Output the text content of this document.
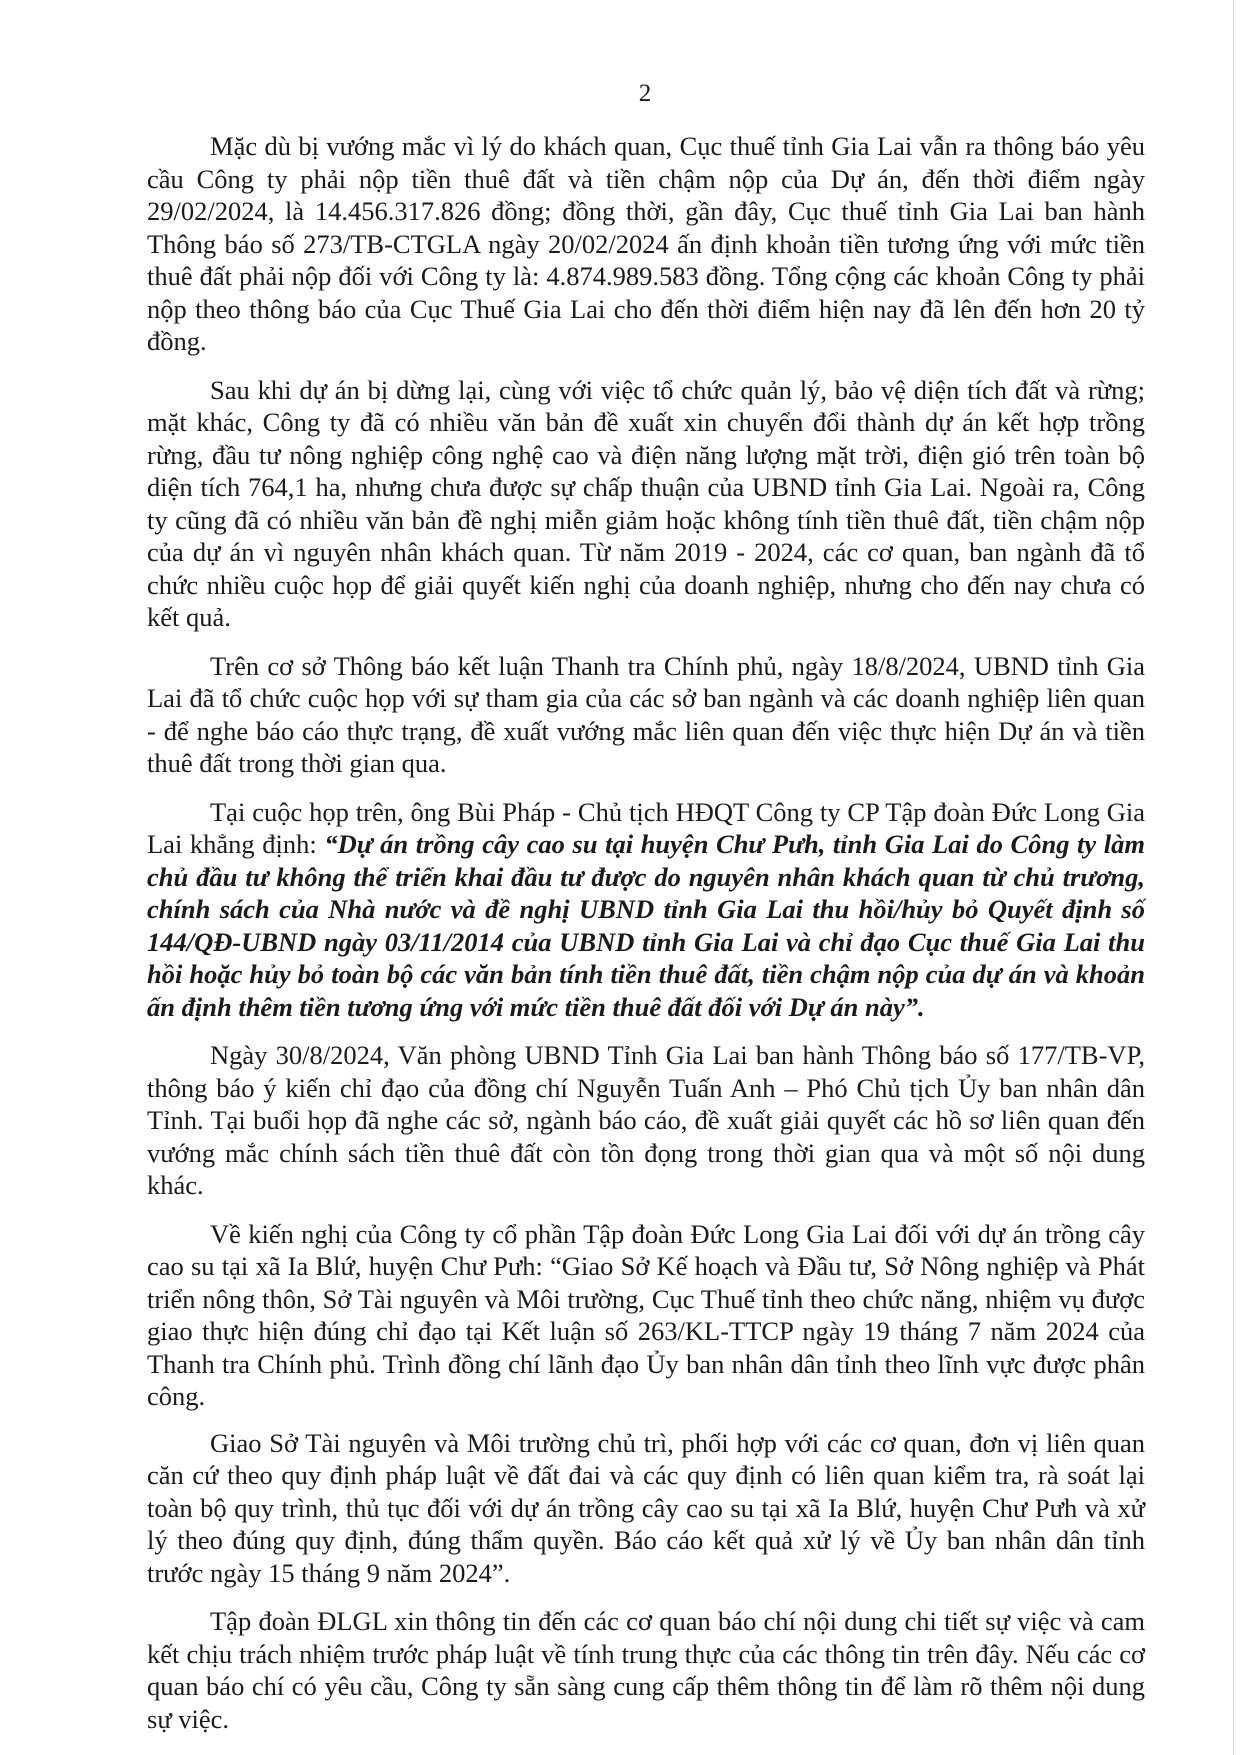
2

Mặc dù bị vướng mắc vì lý do khách quan, Cục thuế tỉnh Gia Lai vẫn ra thông báo yêu cầu Công ty phải nộp tiền thuê đất và tiền chậm nộp của Dự án, đến thời điểm ngày 29/02/2024, là 14.456.317.826 đồng; đồng thời, gần đây, Cục thuế tỉnh Gia Lai ban hành Thông báo số 273/TB-CTGLA ngày 20/02/2024 ấn định khoản tiền tương ứng với mức tiền thuê đất phải nộp đối với Công ty là: 4.874.989.583 đồng. Tổng cộng các khoản Công ty phải nộp theo thông báo của Cục Thuế Gia Lai cho đến thời điểm hiện nay đã lên đến hơn 20 tỷ đồng.

Sau khi dự án bị dừng lại, cùng với việc tổ chức quản lý, bảo vệ diện tích đất và rừng; mặt khác, Công ty đã có nhiều văn bản đề xuất xin chuyển đổi thành dự án kết hợp trồng rừng, đầu tư nông nghiệp công nghệ cao và điện năng lượng mặt trời, điện gió trên toàn bộ diện tích 764,1 ha, nhưng chưa được sự chấp thuận của UBND tỉnh Gia Lai. Ngoài ra, Công ty cũng đã có nhiều văn bản đề nghị miễn giảm hoặc không tính tiền thuê đất, tiền chậm nộp của dự án vì nguyên nhân khách quan. Từ năm 2019 - 2024, các cơ quan, ban ngành đã tổ chức nhiều cuộc họp để giải quyết kiến nghị của doanh nghiệp, nhưng cho đến nay chưa có kết quả.

Trên cơ sở Thông báo kết luận Thanh tra Chính phủ, ngày 18/8/2024, UBND tỉnh Gia Lai đã tổ chức cuộc họp với sự tham gia của các sở ban ngành và các doanh nghiệp liên quan - để nghe báo cáo thực trạng, đề xuất vướng mắc liên quan đến việc thực hiện Dự án và tiền thuê đất trong thời gian qua.

Tại cuộc họp trên, ông Bùi Pháp - Chủ tịch HĐQT Công ty CP Tập đoàn Đức Long Gia Lai khẳng định: “Dự án trồng cây cao su tại huyện Chư Pưh, tỉnh Gia Lai do Công ty làm chủ đầu tư không thể triển khai đầu tư được do nguyên nhân khách quan từ chủ trương, chính sách của Nhà nước và đề nghị UBND tỉnh Gia Lai thu hồi/hủy bỏ Quyết định số 144/QĐ-UBND ngày 03/11/2014 của UBND tỉnh Gia Lai và chỉ đạo Cục thuế Gia Lai thu hồi hoặc hủy bỏ toàn bộ các văn bản tính tiền thuê đất, tiền chậm nộp của dự án và khoản ấn định thêm tiền tương ứng với mức tiền thuê đất đối với Dự án này”.

Ngày 30/8/2024, Văn phòng UBND Tỉnh Gia Lai ban hành Thông báo số 177/TB-VP, thông báo ý kiến chỉ đạo của đồng chí Nguyễn Tuấn Anh – Phó Chủ tịch Ủy ban nhân dân Tỉnh. Tại buổi họp đã nghe các sở, ngành báo cáo, đề xuất giải quyết các hồ sơ liên quan đến vướng mắc chính sách tiền thuê đất còn tồn đọng trong thời gian qua và một số nội dung khác.

Về kiến nghị của Công ty cổ phần Tập đoàn Đức Long Gia Lai đối với dự án trồng cây cao su tại xã Ia Blứ, huyện Chư Pưh: “Giao Sở Kế hoạch và Đầu tư, Sở Nông nghiệp và Phát triển nông thôn, Sở Tài nguyên và Môi trường, Cục Thuế tỉnh theo chức năng, nhiệm vụ được giao thực hiện đúng chỉ đạo tại Kết luận số 263/KL-TTCP ngày 19 tháng 7 năm 2024 của Thanh tra Chính phủ. Trình đồng chí lãnh đạo Ủy ban nhân dân tỉnh theo lĩnh vực được phân công.

Giao Sở Tài nguyên và Môi trường chủ trì, phối hợp với các cơ quan, đơn vị liên quan căn cứ theo quy định pháp luật về đất đai và các quy định có liên quan kiểm tra, rà soát lại toàn bộ quy trình, thủ tục đối với dự án trồng cây cao su tại xã Ia Blứ, huyện Chư Pưh và xử lý theo đúng quy định, đúng thẩm quyền. Báo cáo kết quả xử lý về Ủy ban nhân dân tỉnh trước ngày 15 tháng 9 năm 2024”.

Tập đoàn ĐLGL xin thông tin đến các cơ quan báo chí nội dung chi tiết sự việc và cam kết chịu trách nhiệm trước pháp luật về tính trung thực của các thông tin trên đây. Nếu các cơ quan báo chí có yêu cầu, Công ty sẵn sàng cung cấp thêm thông tin để làm rõ thêm nội dung sự việc.
